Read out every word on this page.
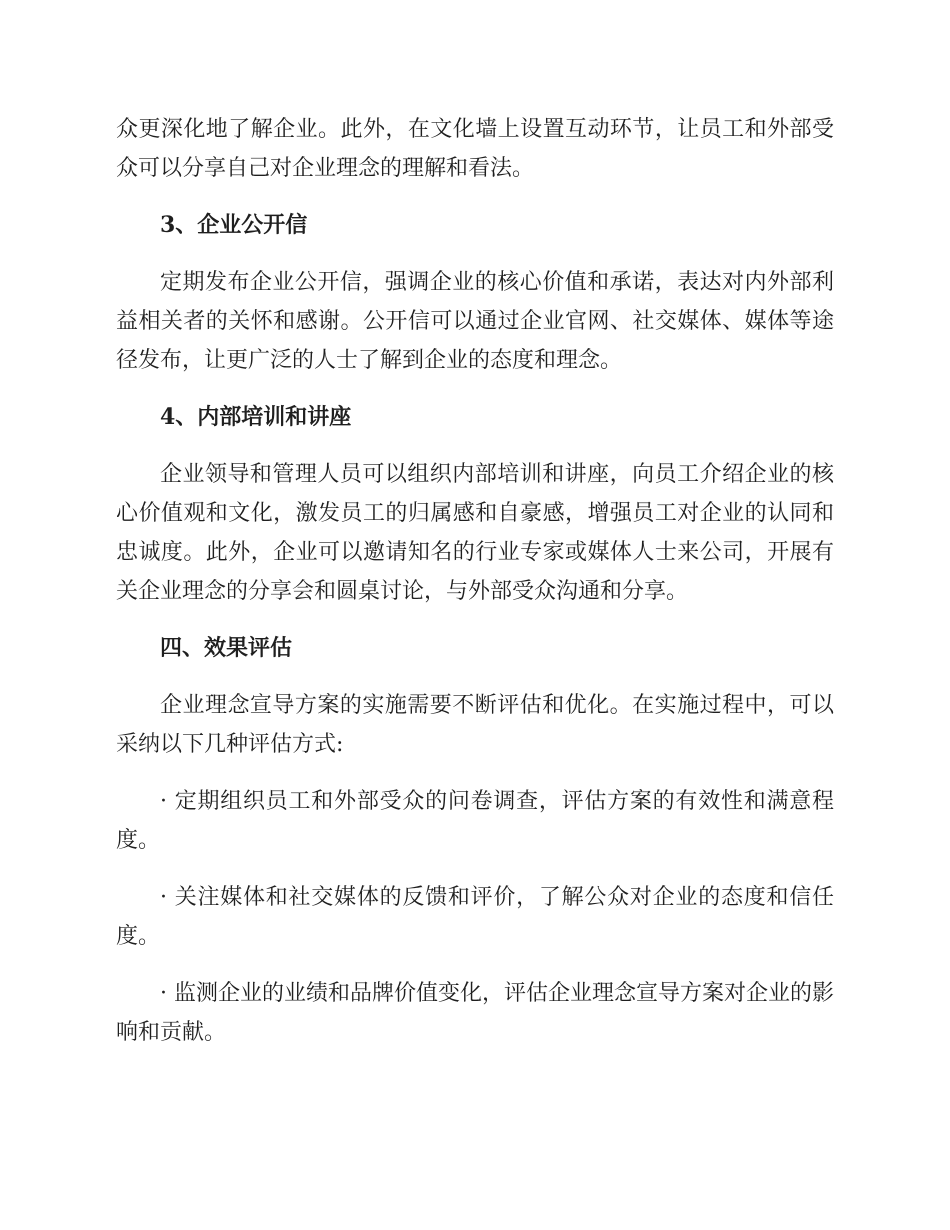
众更深化地了解企业。此外，在文化墙上设置互动环节，让员工和外部受众可以分享自己对企业理念的理解和看法。

3、企业公开信

定期发布企业公开信，强调企业的核心价值和承诺，表达对内外部利益相关者的关怀和感谢。公开信可以通过企业官网、社交媒体、媒体等途径发布，让更广泛的人士了解到企业的态度和理念。

4、内部培训和讲座

企业领导和管理人员可以组织内部培训和讲座，向员工介绍企业的核心价值观和文化，激发员工的归属感和自豪感，增强员工对企业的认同和忠诚度。此外，企业可以邀请知名的行业专家或媒体人士来公司，开展有关企业理念的分享会和圆桌讨论，与外部受众沟通和分享。

四、效果评估

企业理念宣导方案的实施需要不断评估和优化。在实施过程中，可以采纳以下几种评估方式:

· 定期组织员工和外部受众的问卷调查，评估方案的有效性和满意程度。

· 关注媒体和社交媒体的反馈和评价，了解公众对企业的态度和信任度。

· 监测企业的业绩和品牌价值变化，评估企业理念宣导方案对企业的影响和贡献。
